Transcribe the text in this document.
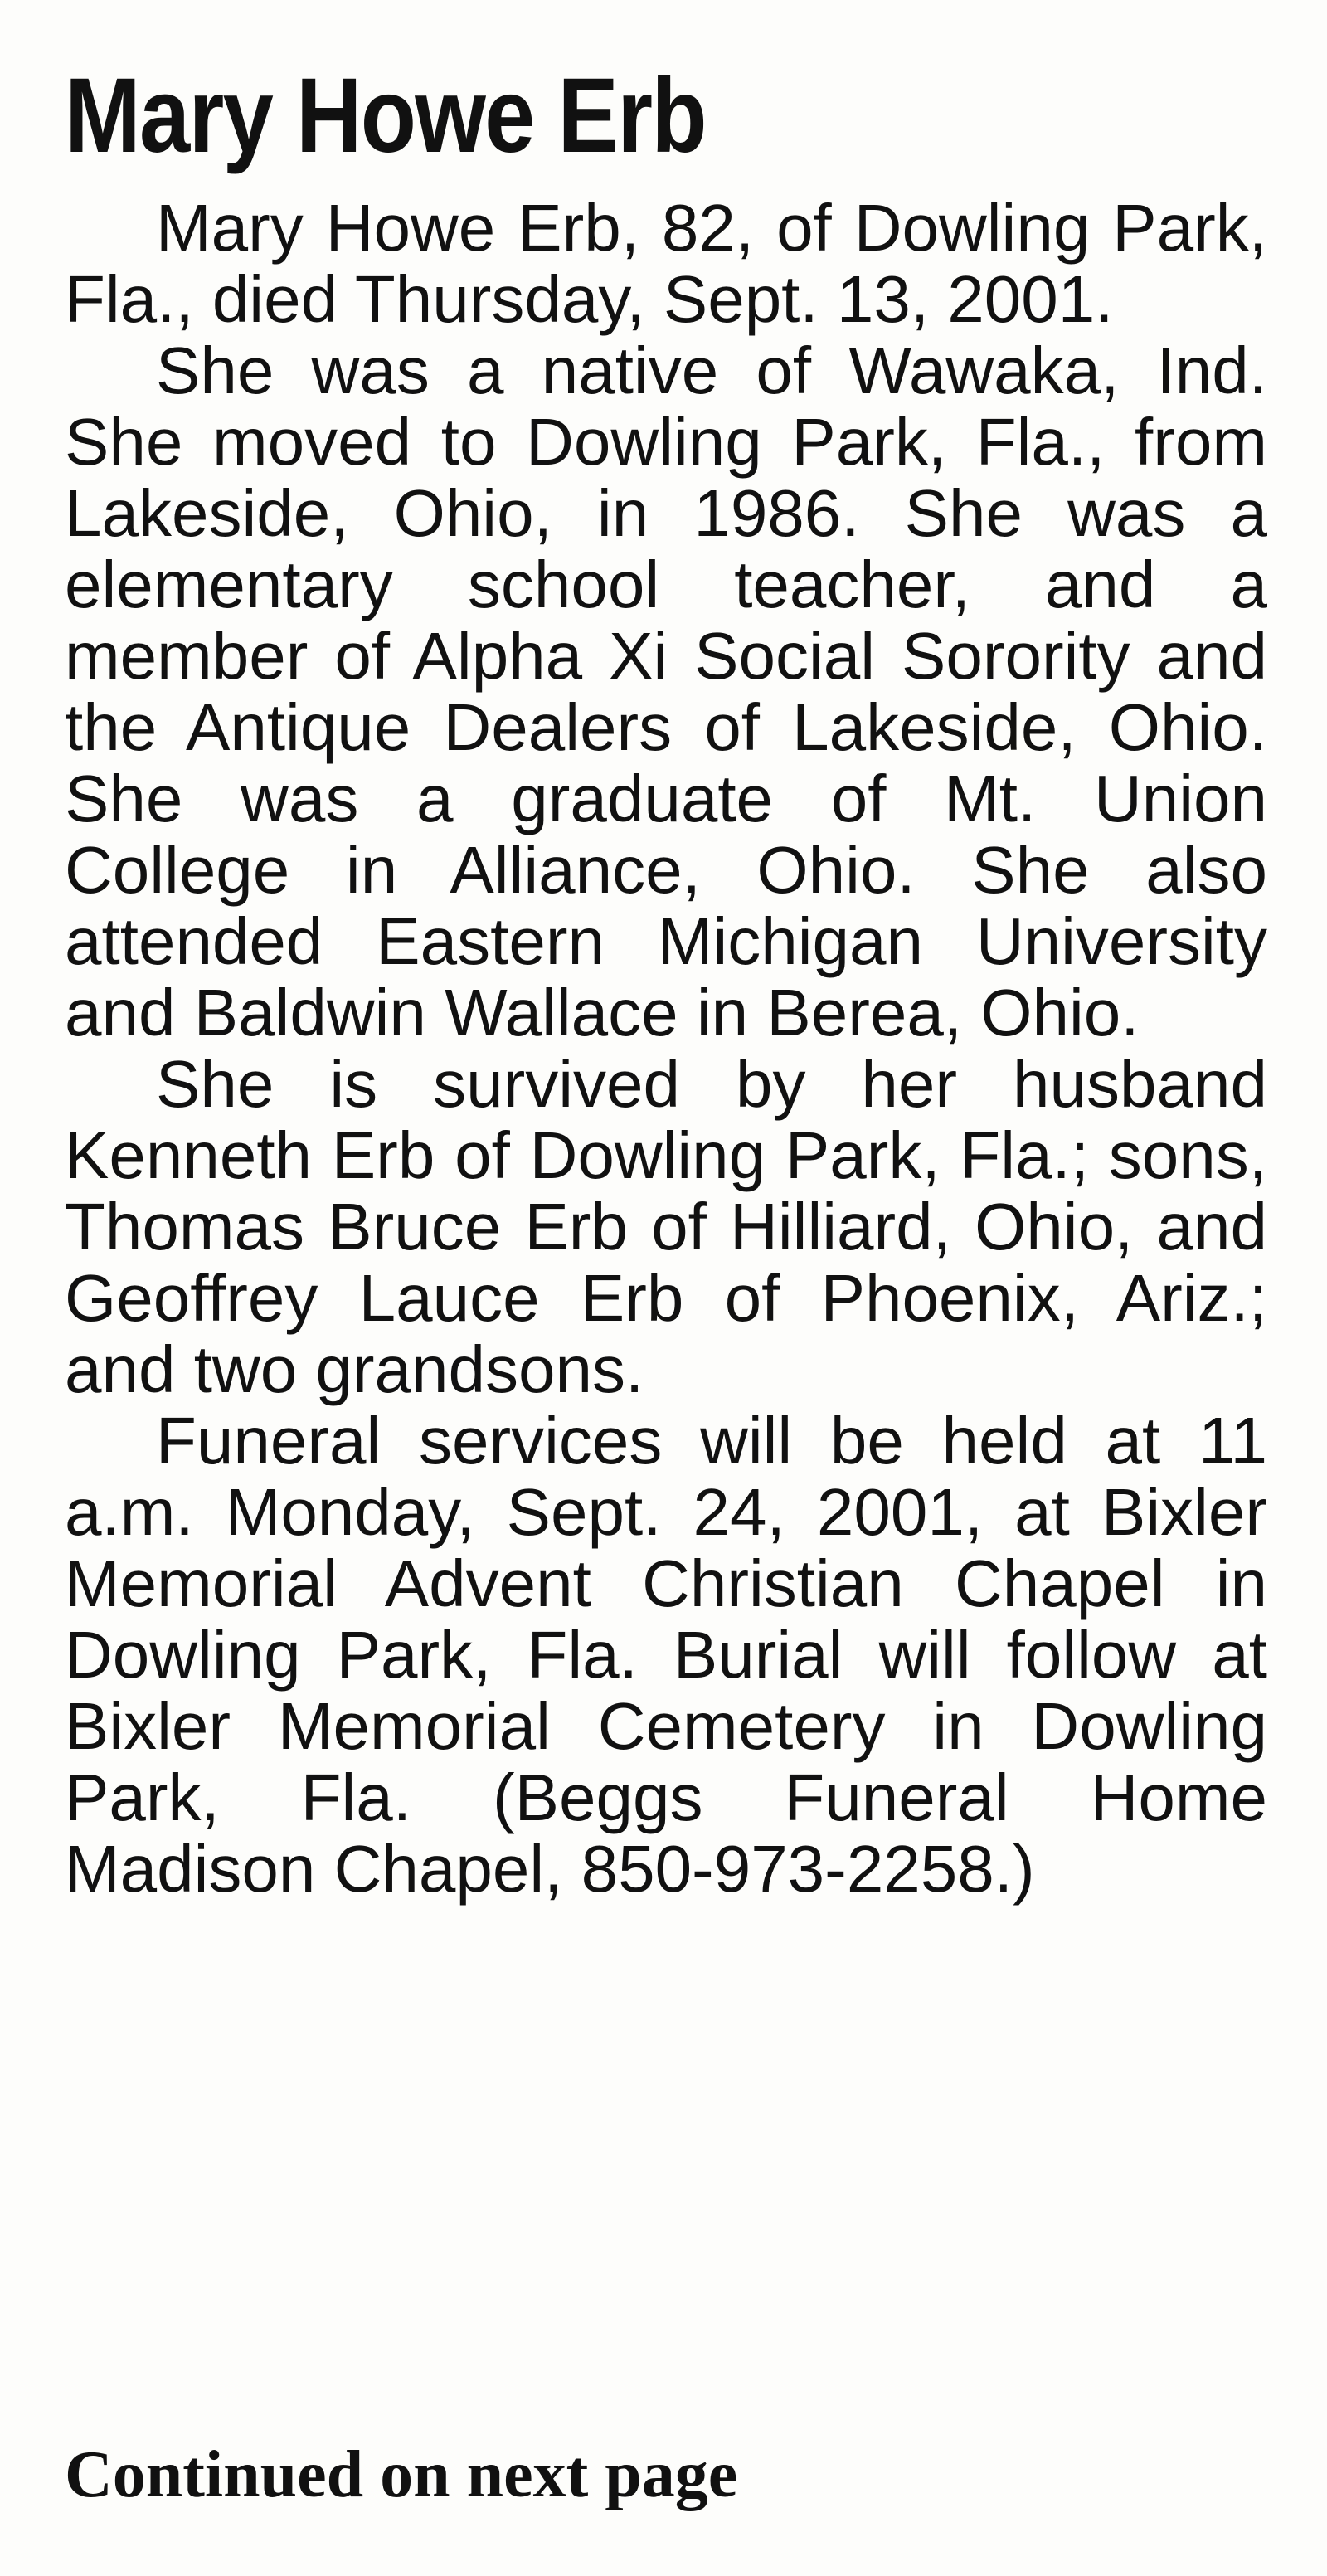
Mary Howe Erb

Mary Howe Erb, 82, of Dowling Park, Fla., died Thursday, Sept. 13, 2001.

She was a native of Wawaka, Ind. She moved to Dowling Park, Fla., from Lakeside, Ohio, in 1986. She was a elementary school teacher, and a member of Alpha Xi Social Sorority and the Antique Dealers of Lakeside, Ohio. She was a graduate of Mt. Union College in Alliance, Ohio. She also attended Eastern Michigan University and Baldwin Wallace in Berea, Ohio.

She is survived by her husband Kenneth Erb of Dowling Park, Fla.; sons, Thomas Bruce Erb of Hilliard, Ohio, and Geoffrey Lauce Erb of Phoenix, Ariz.; and two grandsons.

Funeral services will be held at 11 a.m. Monday, Sept. 24, 2001, at Bixler Memorial Advent Christian Chapel in Dowling Park, Fla. Burial will follow at Bixler Memorial Cemetery in Dowling Park, Fla. (Beggs Funeral Home Madison Chapel, 850-973-2258.)

Continued on next page
